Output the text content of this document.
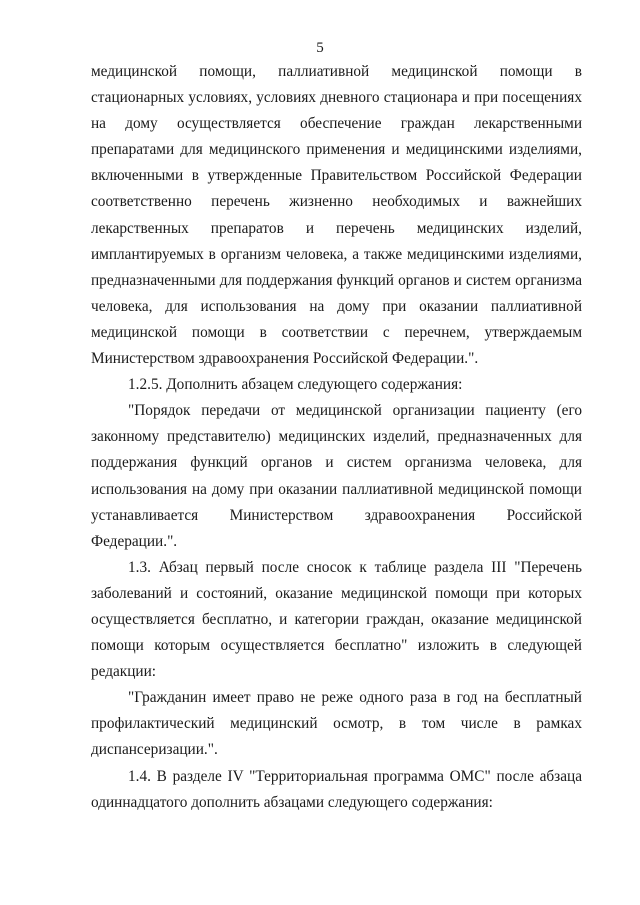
5

медицинской помощи, паллиативной медицинской помощи в стационарных условиях, условиях дневного стационара и при посещениях на дому осуществляется обеспечение граждан лекарственными препаратами для медицинского применения и медицинскими изделиями, включенными в утвержденные Правительством Российской Федерации соответственно перечень жизненно необходимых и важнейших лекарственных препаратов и перечень медицинских изделий, имплантируемых в организм человека, а также медицинскими изделиями, предназначенными для поддержания функций органов и систем организма человека, для использования на дому при оказании паллиативной медицинской помощи в соответствии с перечнем, утверждаемым Министерством здравоохранения Российской Федерации.".

1.2.5. Дополнить абзацем следующего содержания:

"Порядок передачи от медицинской организации пациенту (его законному представителю) медицинских изделий, предназначенных для поддержания функций органов и систем организма человека, для использования на дому при оказании паллиативной медицинской помощи устанавливается Министерством здравоохранения Российской Федерации.".

1.3. Абзац первый после сносок к таблице раздела III "Перечень заболеваний и состояний, оказание медицинской помощи при которых осуществляется бесплатно, и категории граждан, оказание медицинской помощи которым осуществляется бесплатно" изложить в следующей редакции:

"Гражданин имеет право не реже одного раза в год на бесплатный профилактический медицинский осмотр, в том числе в рамках диспансеризации.".

1.4. В разделе IV "Территориальная программа ОМС" после абзаца одиннадцатого дополнить абзацами следующего содержания:
